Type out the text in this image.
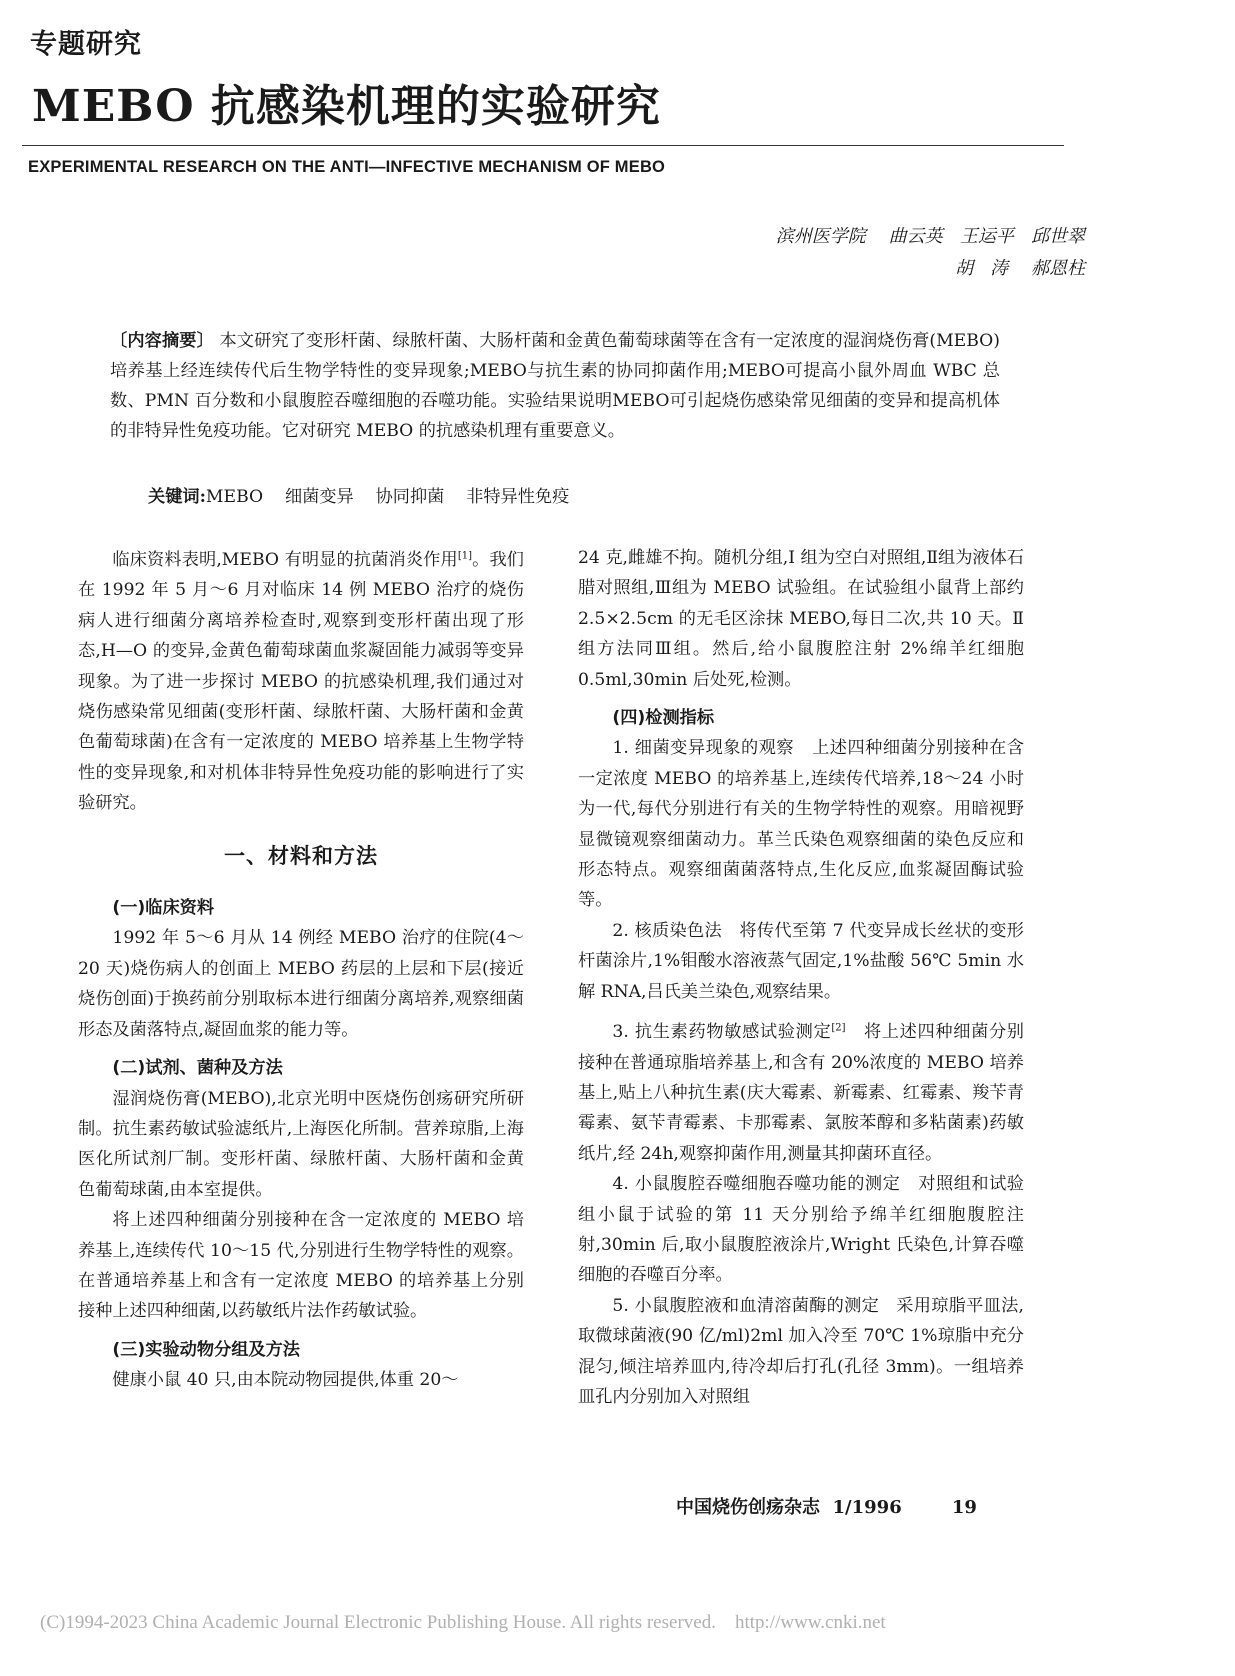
专题研究
MEBO 抗感染机理的实验研究
EXPERIMENTAL RESEARCH ON THE ANTI—INFECTIVE MECHANISM OF MEBO
滨州医学院    曲云英   王运平   邱世翠
胡   涛    郝恩柱
〔内容摘要〕 本文研究了变形杆菌、绿脓杆菌、大肠杆菌和金黄色葡萄球菌等在含有一定浓度的湿润烧伤膏(MEBO)培养基上经连续传代后生物学特性的变异现象;MEBO与抗生素的协同抑菌作用;MEBO可提高小鼠外周血 WBC 总数、PMN 百分数和小鼠腹腔吞噬细胞的吞噬功能。实验结果说明MEBO可引起烧伤感染常见细菌的变异和提高机体的非特异性免疫功能。它对研究 MEBO 的抗感染机理有重要意义。
关键词:MEBO    细菌变异    协同抑菌    非特异性免疫

临床资料表明,MEBO 有明显的抗菌消炎作用[1]。我们在 1992 年 5 月～6 月对临床 14 例 MEBO 治疗的烧伤病人进行细菌分离培养检查时,观察到变形杆菌出现了形态,H—O 的变异,金黄色葡萄球菌血浆凝固能力减弱等变异现象。为了进一步探讨 MEBO 的抗感染机理,我们通过对烧伤感染常见细菌(变形杆菌、绿脓杆菌、大肠杆菌和金黄色葡萄球菌)在含有一定浓度的 MEBO 培养基上生物学特性的变异现象,和对机体非特异性免疫功能的影响进行了实验研究。

一、材料和方法
(一)临床资料

1992 年 5～6 月从 14 例经 MEBO 治疗的住院(4～20 天)烧伤病人的创面上 MEBO 药层的上层和下层(接近烧伤创面)于换药前分别取标本进行细菌分离培养,观察细菌形态及菌落特点,凝固血浆的能力等。

(二)试剂、菌种及方法

湿润烧伤膏(MEBO),北京光明中医烧伤创疡研究所研制。抗生素药敏试验滤纸片,上海医化所制。营养琼脂,上海医化所试剂厂制。变形杆菌、绿脓杆菌、大肠杆菌和金黄色葡萄球菌,由本室提供。

将上述四种细菌分别接种在含一定浓度的 MEBO 培养基上,连续传代 10～15 代,分别进行生物学特性的观察。在普通培养基上和含有一定浓度 MEBO 的培养基上分别接种上述四种细菌,以药敏纸片法作药敏试验。

(三)实验动物分组及方法

健康小鼠 40 只,由本院动物园提供,体重 20～

24 克,雌雄不拘。随机分组,I 组为空白对照组,Ⅱ组为液体石腊对照组,Ⅲ组为 MEBO 试验组。在试验组小鼠背上部约 2.5×2.5cm 的无毛区涂抹 MEBO,每日二次,共 10 天。Ⅱ组方法同Ⅲ组。然后,给小鼠腹腔注射 2%绵羊红细胞 0.5ml,30min 后处死,检测。

(四)检测指标

1. 细菌变异现象的观察 上述四种细菌分别接种在含一定浓度 MEBO 的培养基上,连续传代培养,18～24 小时为一代,每代分别进行有关的生物学特性的观察。用暗视野显微镜观察细菌动力。革兰氏染色观察细菌的染色反应和形态特点。观察细菌菌落特点,生化反应,血浆凝固酶试验等。

2. 核质染色法 将传代至第 7 代变异成长丝状的变形杆菌涂片,1%钼酸水溶液蒸气固定,1%盐酸 56℃ 5min 水解 RNA,吕氏美兰染色,观察结果。

3. 抗生素药物敏感试验测定[2] 将上述四种细菌分别接种在普通琼脂培养基上,和含有 20%浓度的 MEBO 培养基上,贴上八种抗生素(庆大霉素、新霉素、红霉素、羧苄青霉素、氨苄青霉素、卡那霉素、氯胺苯醇和多粘菌素)药敏纸片,经 24h,观察抑菌作用,测量其抑菌环直径。

4. 小鼠腹腔吞噬细胞吞噬功能的测定 对照组和试验组小鼠于试验的第 11 天分别给予绵羊红细胞腹腔注射,30min 后,取小鼠腹腔液涂片,Wright 氏染色,计算吞噬细胞的吞噬百分率。

5. 小鼠腹腔液和血清溶菌酶的测定 采用琼脂平皿法,取微球菌液(90 亿/ml)2ml 加入冷至 70℃ 1%琼脂中充分混匀,倾注培养皿内,待冷却后打孔(孔径 3mm)。一组培养皿孔内分别加入对照组

中国烧伤创疡杂志  1/1996	19
(C)1994-2023 China Academic Journal Electronic Publishing House. All rights reserved.    http://www.cnki.net
